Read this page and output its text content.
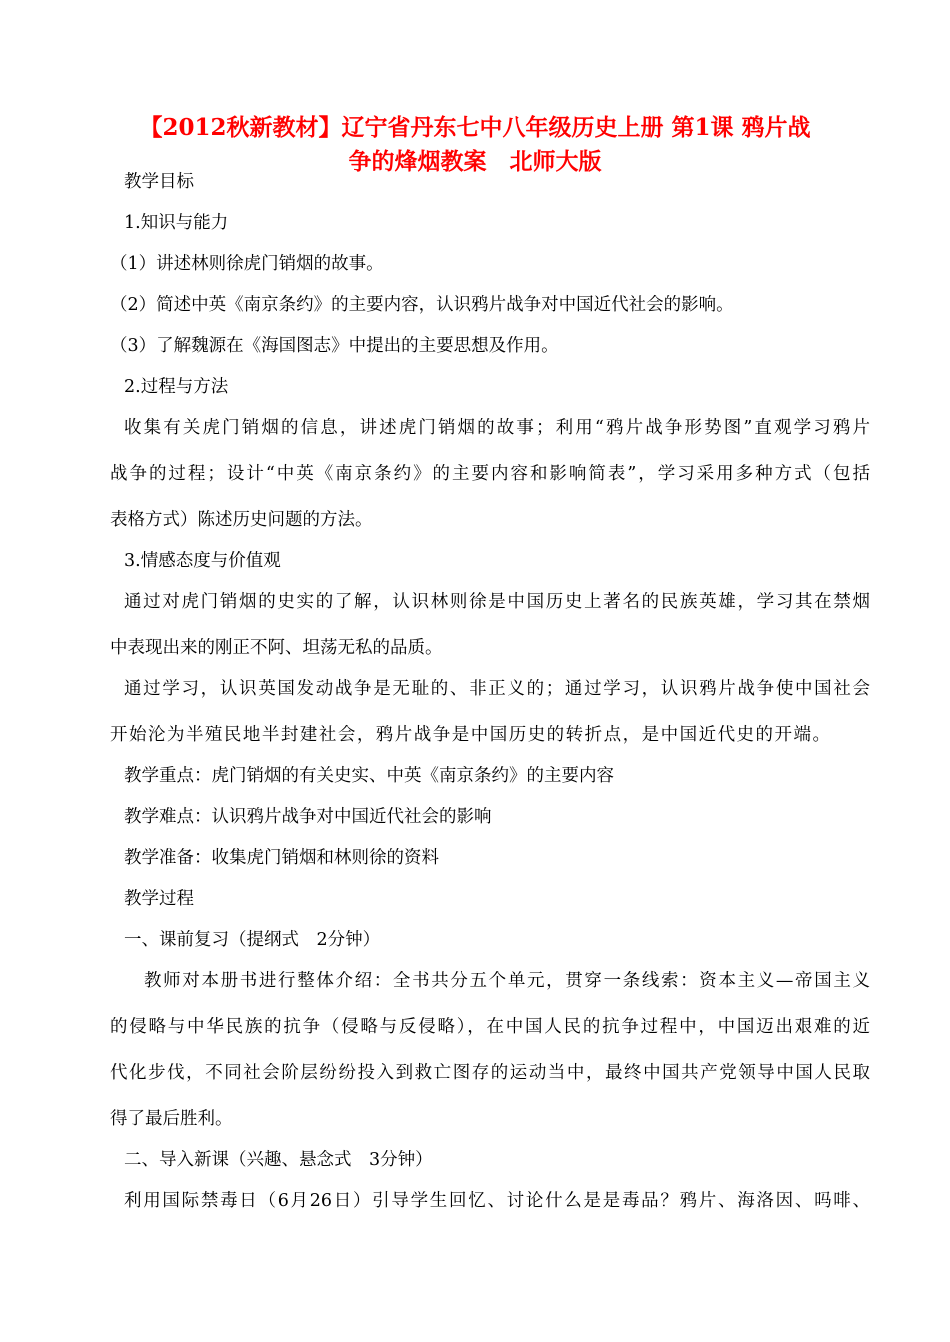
【2012秋新教材】辽宁省丹东七中八年级历史上册 第1课 鸦片战
争的烽烟教案　北师大版

教学目标

1.知识与能力

（1）讲述林则徐虎门销烟的故事。

（2）简述中英《南京条约》的主要内容，认识鸦片战争对中国近代社会的影响。

（3）了解魏源在《海国图志》中提出的主要思想及作用。

2.过程与方法

收集有关虎门销烟的信息，讲述虎门销烟的故事；利用“鸦片战争形势图”直观学习鸦片

战争的过程；设计“中英《南京条约》的主要内容和影响简表”，学习采用多种方式（包括

表格方式）陈述历史问题的方法。

3.情感态度与价值观

通过对虎门销烟的史实的了解，认识林则徐是中国历史上著名的民族英雄，学习其在禁烟

中表现出来的刚正不阿、坦荡无私的品质。

通过学习，认识英国发动战争是无耻的、非正义的；通过学习，认识鸦片战争使中国社会

开始沦为半殖民地半封建社会，鸦片战争是中国历史的转折点，是中国近代史的开端。

教学重点：虎门销烟的有关史实、中英《南京条约》的主要内容

教学难点：认识鸦片战争对中国近代社会的影响

教学准备：收集虎门销烟和林则徐的资料

教学过程

一、课前复习（提纲式　2分钟）

教师对本册书进行整体介绍：全书共分五个单元，贯穿一条线索：资本主义—帝国主义

的侵略与中华民族的抗争（侵略与反侵略），在中国人民的抗争过程中，中国迈出艰难的近

代化步伐，不同社会阶层纷纷投入到救亡图存的运动当中，最终中国共产党领导中国人民取

得了最后胜利。

二、导入新课（兴趣、悬念式　3分钟）

利用国际禁毒日（6月26日）引导学生回忆、讨论什么是是毒品？鸦片、海洛因、吗啡、
